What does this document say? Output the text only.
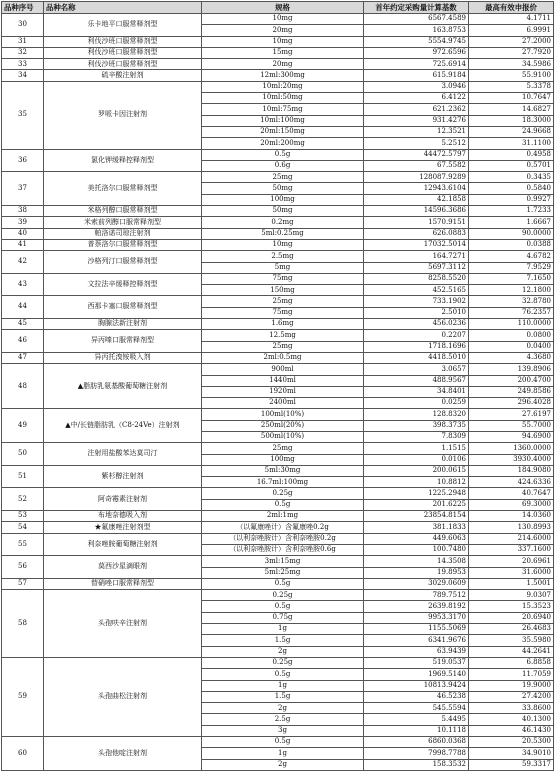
品种序号	品种名称	规格	首年约定采购量计算基数	最高有效申报价
30	乐卡地平口服常释剂型	10mg	6567.4589	4.1711
		20mg	163.8753	6.9991
31	利伐沙班口服常释剂型	10mg	5554.9745	27.2000
32	利伐沙班口服常释剂型	15mg	972.6596	27.7920
33	利伐沙班口服常释剂型	20mg	725.6914	34.5986
34	硫辛酸注射剂	12ml:300mg	615.9184	55.9100
35	罗哌卡因注射剂	10ml:20mg	3.0946	5.3378
		10ml:50mg	6.4122	10.7647
		10ml:75mg	621.2362	14.6827
		10ml:100mg	931.4276	18.3000
		20ml:150mg	12.3521	24.9668
		20ml:200mg	5.2512	31.1100
36	氯化钾缓释控释剂型	0.5g	44472.5797	0.4958
		0.6g	67.5582	0.5701
37	美托洛尔口服常释剂型	25mg	128087.9289	0.3435
		50mg	12943.6104	0.5840
		100mg	42.1858	0.9927
38	米格列醇口服常释剂型	50mg	14596.3686	1.7233
39	米索前列醇口服常释剂型	0.2mg	1570.9151	1.6667
40	帕洛诺司琼注射剂	5ml:0.25mg	626.0883	90.0000
41	普萘洛尔口服常释剂型	10mg	17032.5014	0.0388
42	沙格列汀口服常释剂型	2.5mg	164.7271	4.6782
		5mg	5697.3112	7.9529
43	文拉法辛缓释控释剂型	75mg	8258.5520	7.1650
		150mg	452.5165	12.1800
44	西那卡塞口服常释剂型	25mg	733.1902	32.8780
		75mg	2.5010	76.2357
45	胸腺法新注射剂	1.6mg	456.0236	110.0000
46	异丙嗪口服常释剂型	12.5mg	0.2207	0.0800
		25mg	1718.1696	0.0400
47	异丙托溴铵吸入剂	2ml:0.5mg	4418.5010	4.3680
48	▲脂肪乳氨基酸葡萄糖注射剂	900ml	3.0657	139.8906
		1440ml	488.9567	200.4700
		1920ml	34.8401	249.8586
		2400ml	0.0259	296.4028
49	▲中/长链脂肪乳（C8-24Ve）注射剂	100ml(10%)	128.8320	27.6197
		250ml(20%)	398.3735	55.7000
		500ml(10%)	7.8309	94.6900
50	注射用盐酸苯达莫司汀	25mg	1.1515	1360.0000
		100mg	0.0106	3930.4000
51	紫杉醇注射剂	5ml:30mg	200.0615	184.9080
		16.7ml:100mg	10.8812	424.6336
52	阿奇霉素注射剂	0.25g	1225.2948	40.7647
		0.5g	201.6225	69.3000
53	布地奈德吸入剂	2ml:1mg	23854.8154	14.0360
54	★氟康唑注射剂型	（以氟康唑计）含氟康唑0.2g	381.1833	130.8993
55	利奈唑胺葡萄糖注射剂	（以利奈唑胺计）含利奈唑胺0.2g	449.6063	214.6000
		（以利奈唑胺计）含利奈唑胺0.6g	100.7480	337.1600
56	莫西沙星滴眼剂	3ml:15mg	14.3508	20.6961
		5ml:25mg	19.8953	31.6000
57	替硝唑口服常释剂型	0.5g	3029.0609	1.5001
58	头孢呋辛注射剂	0.25g	789.7512	9.0307
		0.5g	2639.8192	15.3523
		0.75g	9953.3170	20.6940
		1g	1155.5069	26.4683
		1.5g	6341.9676	35.5980
		2g	63.9439	44.2641
59	头孢曲松注射剂	0.25g	519.0537	6.8858
		0.5g	1969.5140	11.7059
		1g	10813.9424	19.9000
		1.5g	46.5238	27.4200
		2g	545.5594	33.8600
		2.5g	5.4495	40.1300
		3g	10.1118	46.1430
60	头孢他啶注射剂	0.5g	6860.0368	20.5300
		1g	7998.7788	34.9010
		2g	158.3532	59.3317
